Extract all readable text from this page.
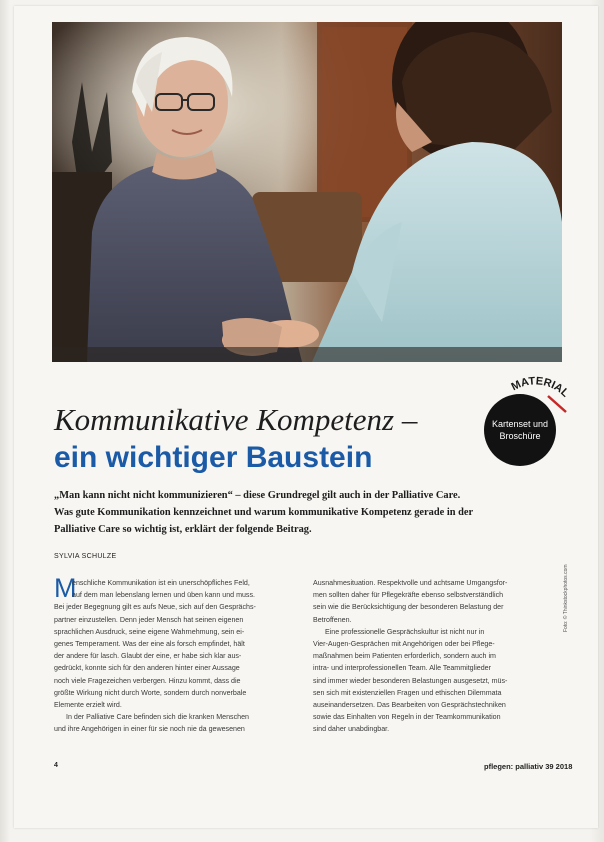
MATERIAL
Kartenset und
Broschüre
Kommunikative Kompetenz –
ein wichtiger Baustein
„Man kann nicht nicht kommunizieren“ – diese Grundregel gilt auch in der Palliative Care.
Was gute Kommunikation kennzeichnet und warum kommunikative Kompetenz gerade in der
Palliative Care so wichtig ist, erklärt der folgende Beitrag.
SYLVIA SCHULZE
M
enschliche Kommunikation ist ein unerschöpfliches Feld,
auf dem man lebenslang lernen und üben kann und muss.
Bei jeder Begegnung gilt es aufs Neue, sich auf den Gesprächs-
partner einzustellen. Denn jeder Mensch hat seinen eigenen
sprachlichen Ausdruck, seine eigene Wahrnehmung, sein ei-
genes Temperament. Was der eine als forsch empfindet, hält
der andere für lasch. Glaubt der eine, er habe sich klar aus-
gedrückt, konnte sich für den anderen hinter einer Aussage
noch viele Fragezeichen verbergen. Hinzu kommt, dass die
größte Wirkung nicht durch Worte, sondern durch nonverbale
Elemente erzielt wird.
In der Palliative Care befinden sich die kranken Menschen
und ihre Angehörigen in einer für sie noch nie da gewesenen
Ausnahmesituation. Respektvolle und achtsame Umgangsfor-
men sollten daher für Pflegekräfte ebenso selbstverständlich
sein wie die Berücksichtigung der besonderen Belastung der
Betroffenen.
Eine professionelle Gesprächskultur ist nicht nur in
Vier-Augen-Gesprächen mit Angehörigen oder bei Pflege-
maßnahmen beim Patienten erforderlich, sondern auch im
intra- und interprofessionellen Team. Alle Teammitglieder
sind immer wieder besonderen Belastungen ausgesetzt, müs-
sen sich mit existenziellen Fragen und ethischen Dilemmata
auseinandersetzen. Das Bearbeiten von Gesprächstechniken
sowie das Einhalten von Regeln in der Teamkommunikation
sind daher unabdingbar.
Foto: © Thinkstockphotos.com
4	pflegen: palliativ 39 2018
